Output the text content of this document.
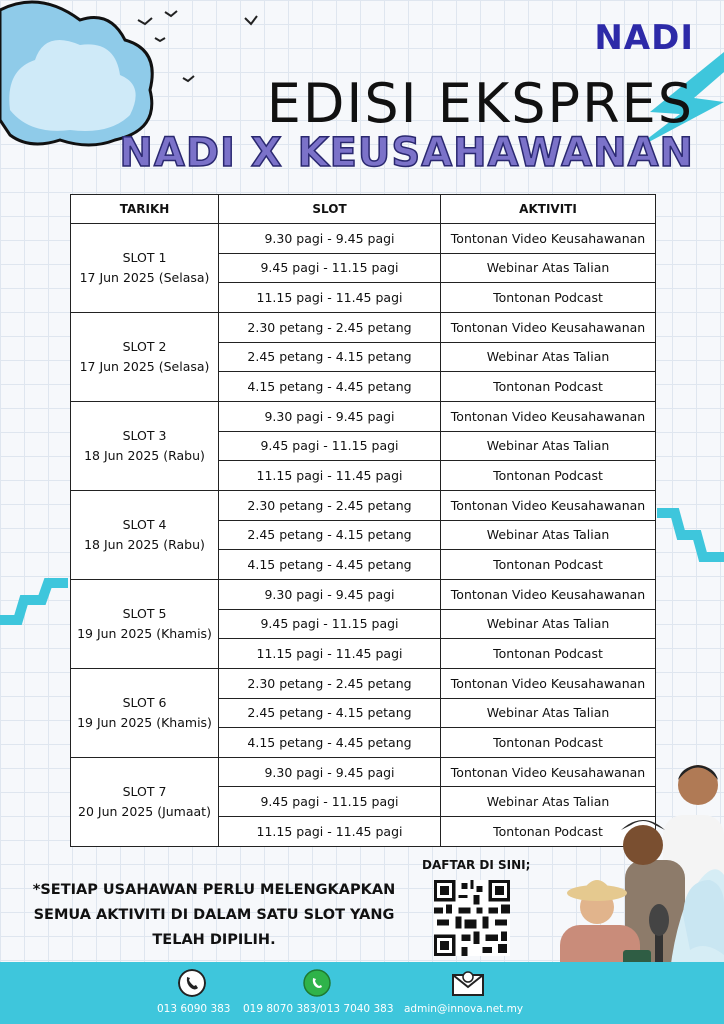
NADI
EDISI EKSPRES
NADI X KEUSAHAWANAN
TARIKH	SLOT	AKTIVITI

SLOT 1
17 Jun 2025 (Selasa)	9.30 pagi - 9.45 pagi	Tontonan Video Keusahawanan
	9.45 pagi - 11.15 pagi	Webinar Atas Talian
	11.15 pagi - 11.45 pagi	Tontonan Podcast

SLOT 2
17 Jun 2025 (Selasa)	2.30 petang - 2.45 petang	Tontonan Video Keusahawanan
	2.45 petang - 4.15 petang	Webinar Atas Talian
	4.15 petang - 4.45 petang	Tontonan Podcast

SLOT 3
18 Jun 2025 (Rabu)	9.30 pagi - 9.45 pagi	Tontonan Video Keusahawanan
	9.45 pagi - 11.15 pagi	Webinar Atas Talian
	11.15 pagi - 11.45 pagi	Tontonan Podcast

SLOT 4
18 Jun 2025 (Rabu)	2.30 petang - 2.45 petang	Tontonan Video Keusahawanan
	2.45 petang - 4.15 petang	Webinar Atas Talian
	4.15 petang - 4.45 petang	Tontonan Podcast

SLOT 5
19 Jun 2025 (Khamis)	9.30 pagi - 9.45 pagi	Tontonan Video Keusahawanan
	9.45 pagi - 11.15 pagi	Webinar Atas Talian
	11.15 pagi - 11.45 pagi	Tontonan Podcast

SLOT 6
19 Jun 2025 (Khamis)	2.30 petang - 2.45 petang	Tontonan Video Keusahawanan
	2.45 petang - 4.15 petang	Webinar Atas Talian
	4.15 petang - 4.45 petang	Tontonan Podcast

SLOT 7
20 Jun 2025 (Jumaat)	9.30 pagi - 9.45 pagi	Tontonan Video Keusahawanan
	9.45 pagi - 11.15 pagi	Webinar Atas Talian
	11.15 pagi - 11.45 pagi	Tontonan Podcast
*SETIAP USAHAWAN PERLU MELENGKAPKAN
SEMUA AKTIVITI DI DALAM SATU SLOT YANG
TELAH DIPILIH.
DAFTAR DI SINI;
013 6090 383 019 8070 383/013 7040 383 admin@innova.net.my
